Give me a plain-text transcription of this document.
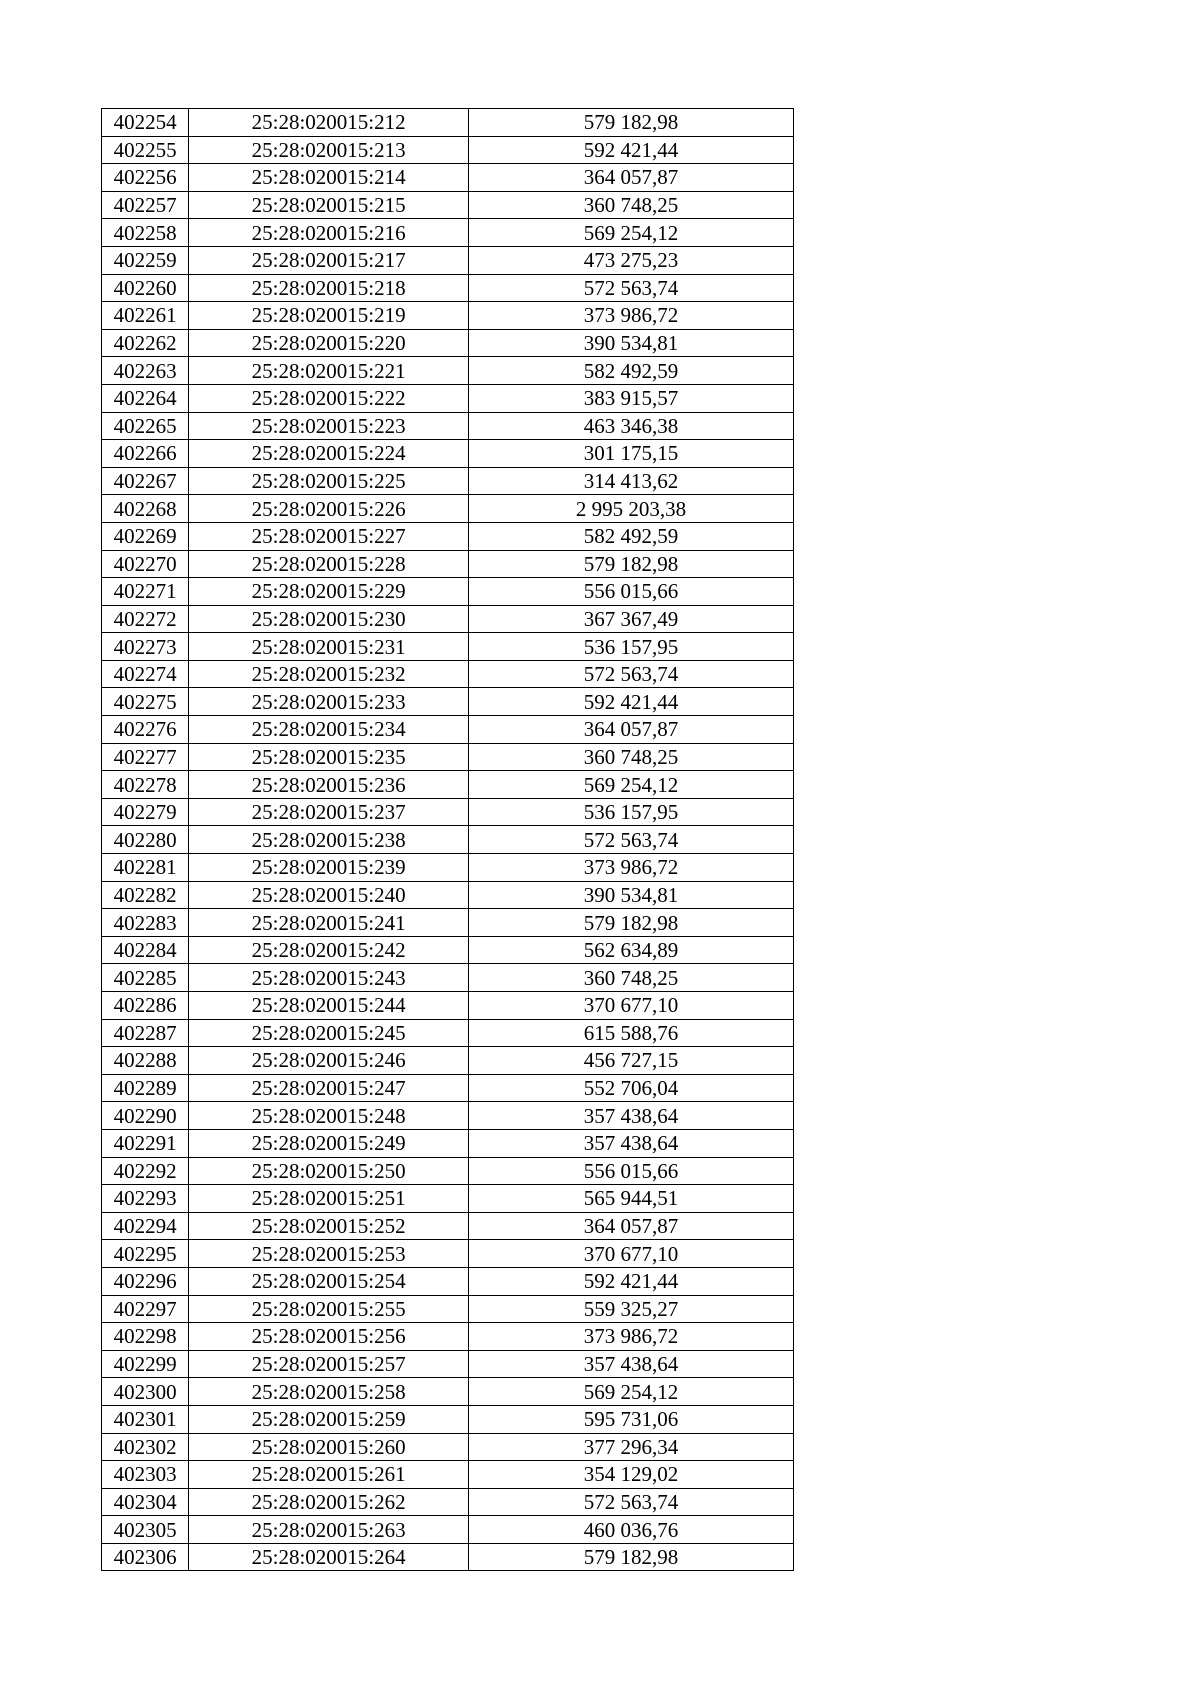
402254	25:28:020015:212	579 182,98
402255	25:28:020015:213	592 421,44
402256	25:28:020015:214	364 057,87
402257	25:28:020015:215	360 748,25
402258	25:28:020015:216	569 254,12
402259	25:28:020015:217	473 275,23
402260	25:28:020015:218	572 563,74
402261	25:28:020015:219	373 986,72
402262	25:28:020015:220	390 534,81
402263	25:28:020015:221	582 492,59
402264	25:28:020015:222	383 915,57
402265	25:28:020015:223	463 346,38
402266	25:28:020015:224	301 175,15
402267	25:28:020015:225	314 413,62
402268	25:28:020015:226	2 995 203,38
402269	25:28:020015:227	582 492,59
402270	25:28:020015:228	579 182,98
402271	25:28:020015:229	556 015,66
402272	25:28:020015:230	367 367,49
402273	25:28:020015:231	536 157,95
402274	25:28:020015:232	572 563,74
402275	25:28:020015:233	592 421,44
402276	25:28:020015:234	364 057,87
402277	25:28:020015:235	360 748,25
402278	25:28:020015:236	569 254,12
402279	25:28:020015:237	536 157,95
402280	25:28:020015:238	572 563,74
402281	25:28:020015:239	373 986,72
402282	25:28:020015:240	390 534,81
402283	25:28:020015:241	579 182,98
402284	25:28:020015:242	562 634,89
402285	25:28:020015:243	360 748,25
402286	25:28:020015:244	370 677,10
402287	25:28:020015:245	615 588,76
402288	25:28:020015:246	456 727,15
402289	25:28:020015:247	552 706,04
402290	25:28:020015:248	357 438,64
402291	25:28:020015:249	357 438,64
402292	25:28:020015:250	556 015,66
402293	25:28:020015:251	565 944,51
402294	25:28:020015:252	364 057,87
402295	25:28:020015:253	370 677,10
402296	25:28:020015:254	592 421,44
402297	25:28:020015:255	559 325,27
402298	25:28:020015:256	373 986,72
402299	25:28:020015:257	357 438,64
402300	25:28:020015:258	569 254,12
402301	25:28:020015:259	595 731,06
402302	25:28:020015:260	377 296,34
402303	25:28:020015:261	354 129,02
402304	25:28:020015:262	572 563,74
402305	25:28:020015:263	460 036,76
402306	25:28:020015:264	579 182,98
